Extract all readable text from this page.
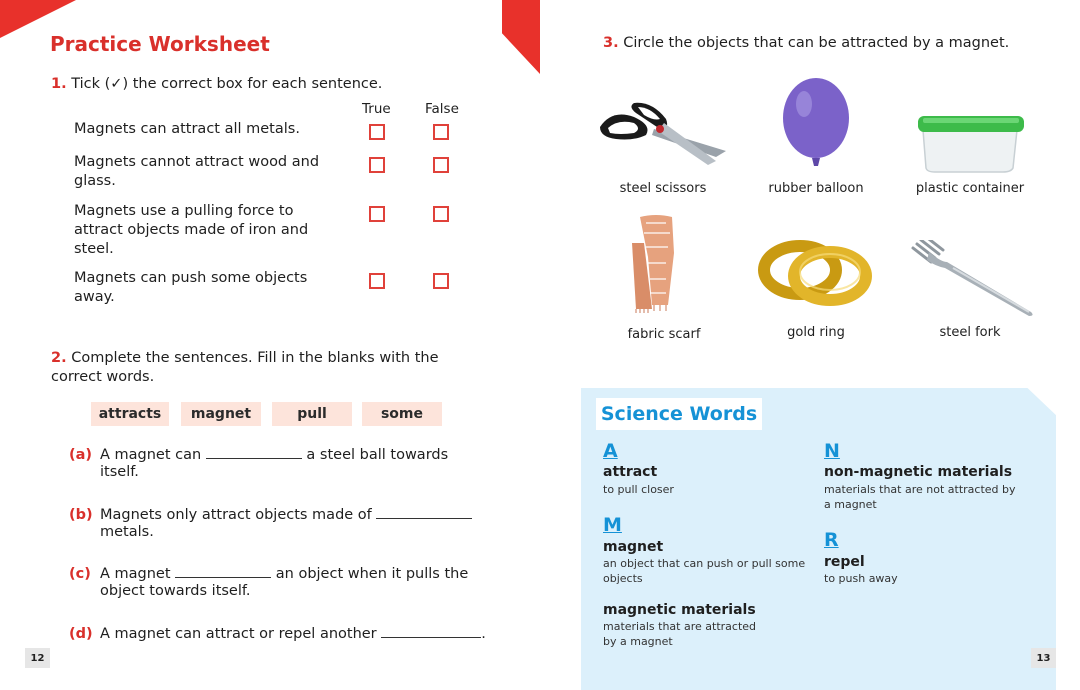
Practice Worksheet
1. Tick (✓) the correct box for each sentence.
True	False
Magnets can attract all metals.
Magnets cannot attract wood and glass.
Magnets use a pulling force to attract objects made of iron and steel.
Magnets can push some objects away.
2. Complete the sentences. Fill in the blanks with the correct words.
attracts	magnet	pull	some
(a) A magnet can	a steel ball towards
itself.
(b) Magnets only attract objects made of
metals.
(c) A magnet	an object when it pulls the
object towards itself.
(d) A magnet can attract or repel another	.
12
3. Circle the objects that can be attracted by a magnet.
steel scissors	rubber balloon	plastic container
fabric scarf	gold ring	steel fork
Science Words
A
attract
to pull closer
M
magnet
an object that can push or pull some objects
magnetic materials
materials that are attracted by a magnet
N
non-magnetic materials
materials that are not attracted by a magnet
R
repel
to push away
13
